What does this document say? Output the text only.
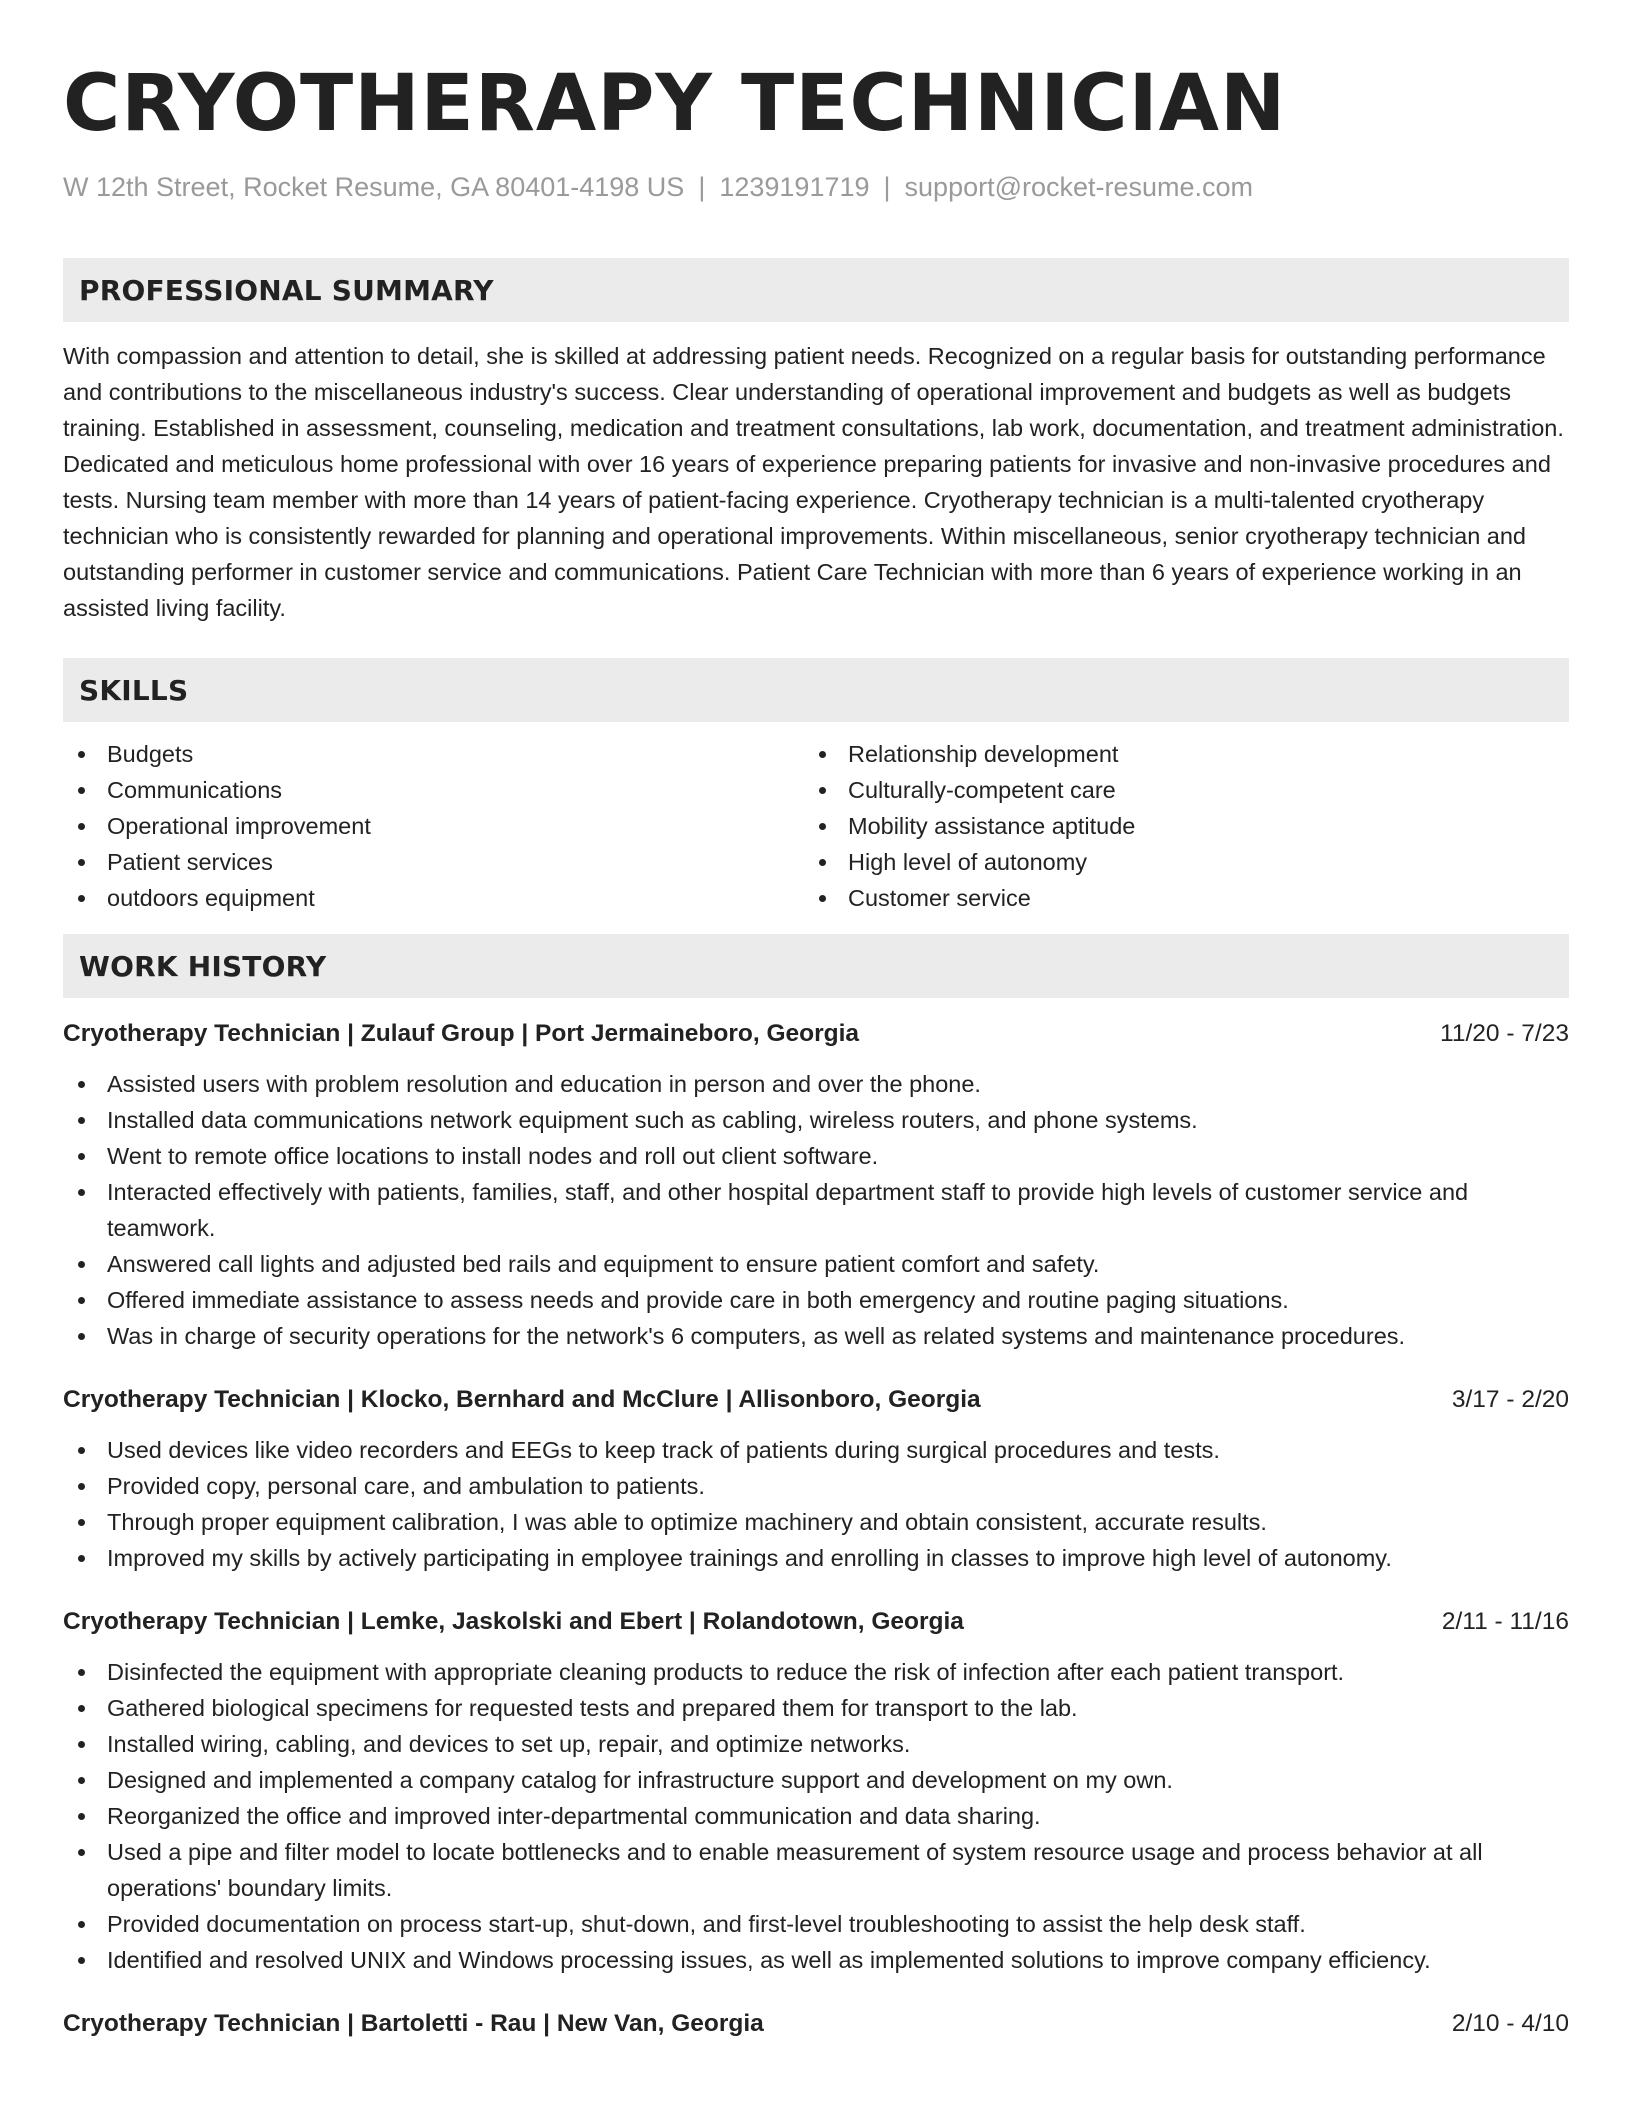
CRYOTHERAPY TECHNICIAN
W 12th Street, Rocket Resume, GA 80401-4198 US | 1239191719 | support@rocket-resume.com
PROFESSIONAL SUMMARY
With compassion and attention to detail, she is skilled at addressing patient needs. Recognized on a regular basis for outstanding performance and contributions to the miscellaneous industry's success. Clear understanding of operational improvement and budgets as well as budgets training. Established in assessment, counseling, medication and treatment consultations, lab work, documentation, and treatment administration. Dedicated and meticulous home professional with over 16 years of experience preparing patients for invasive and non-invasive procedures and tests. Nursing team member with more than 14 years of patient-facing experience. Cryotherapy technician is a multi-talented cryotherapy technician who is consistently rewarded for planning and operational improvements. Within miscellaneous, senior cryotherapy technician and outstanding performer in customer service and communications. Patient Care Technician with more than 6 years of experience working in an assisted living facility.
SKILLS
Budgets
Communications
Operational improvement
Patient services
outdoors equipment
Relationship development
Culturally-competent care
Mobility assistance aptitude
High level of autonomy
Customer service
WORK HISTORY
Cryotherapy Technician | Zulauf Group | Port Jermaineboro, Georgia	11/20 - 7/23
Assisted users with problem resolution and education in person and over the phone.
Installed data communications network equipment such as cabling, wireless routers, and phone systems.
Went to remote office locations to install nodes and roll out client software.
Interacted effectively with patients, families, staff, and other hospital department staff to provide high levels of customer service and teamwork.
Answered call lights and adjusted bed rails and equipment to ensure patient comfort and safety.
Offered immediate assistance to assess needs and provide care in both emergency and routine paging situations.
Was in charge of security operations for the network's 6 computers, as well as related systems and maintenance procedures.
Cryotherapy Technician | Klocko, Bernhard and McClure | Allisonboro, Georgia	3/17 - 2/20
Used devices like video recorders and EEGs to keep track of patients during surgical procedures and tests.
Provided copy, personal care, and ambulation to patients.
Through proper equipment calibration, I was able to optimize machinery and obtain consistent, accurate results.
Improved my skills by actively participating in employee trainings and enrolling in classes to improve high level of autonomy.
Cryotherapy Technician | Lemke, Jaskolski and Ebert | Rolandotown, Georgia	2/11 - 11/16
Disinfected the equipment with appropriate cleaning products to reduce the risk of infection after each patient transport.
Gathered biological specimens for requested tests and prepared them for transport to the lab.
Installed wiring, cabling, and devices to set up, repair, and optimize networks.
Designed and implemented a company catalog for infrastructure support and development on my own.
Reorganized the office and improved inter-departmental communication and data sharing.
Used a pipe and filter model to locate bottlenecks and to enable measurement of system resource usage and process behavior at all operations' boundary limits.
Provided documentation on process start-up, shut-down, and first-level troubleshooting to assist the help desk staff.
Identified and resolved UNIX and Windows processing issues, as well as implemented solutions to improve company efficiency.
Cryotherapy Technician | Bartoletti - Rau | New Van, Georgia	2/10 - 4/10
